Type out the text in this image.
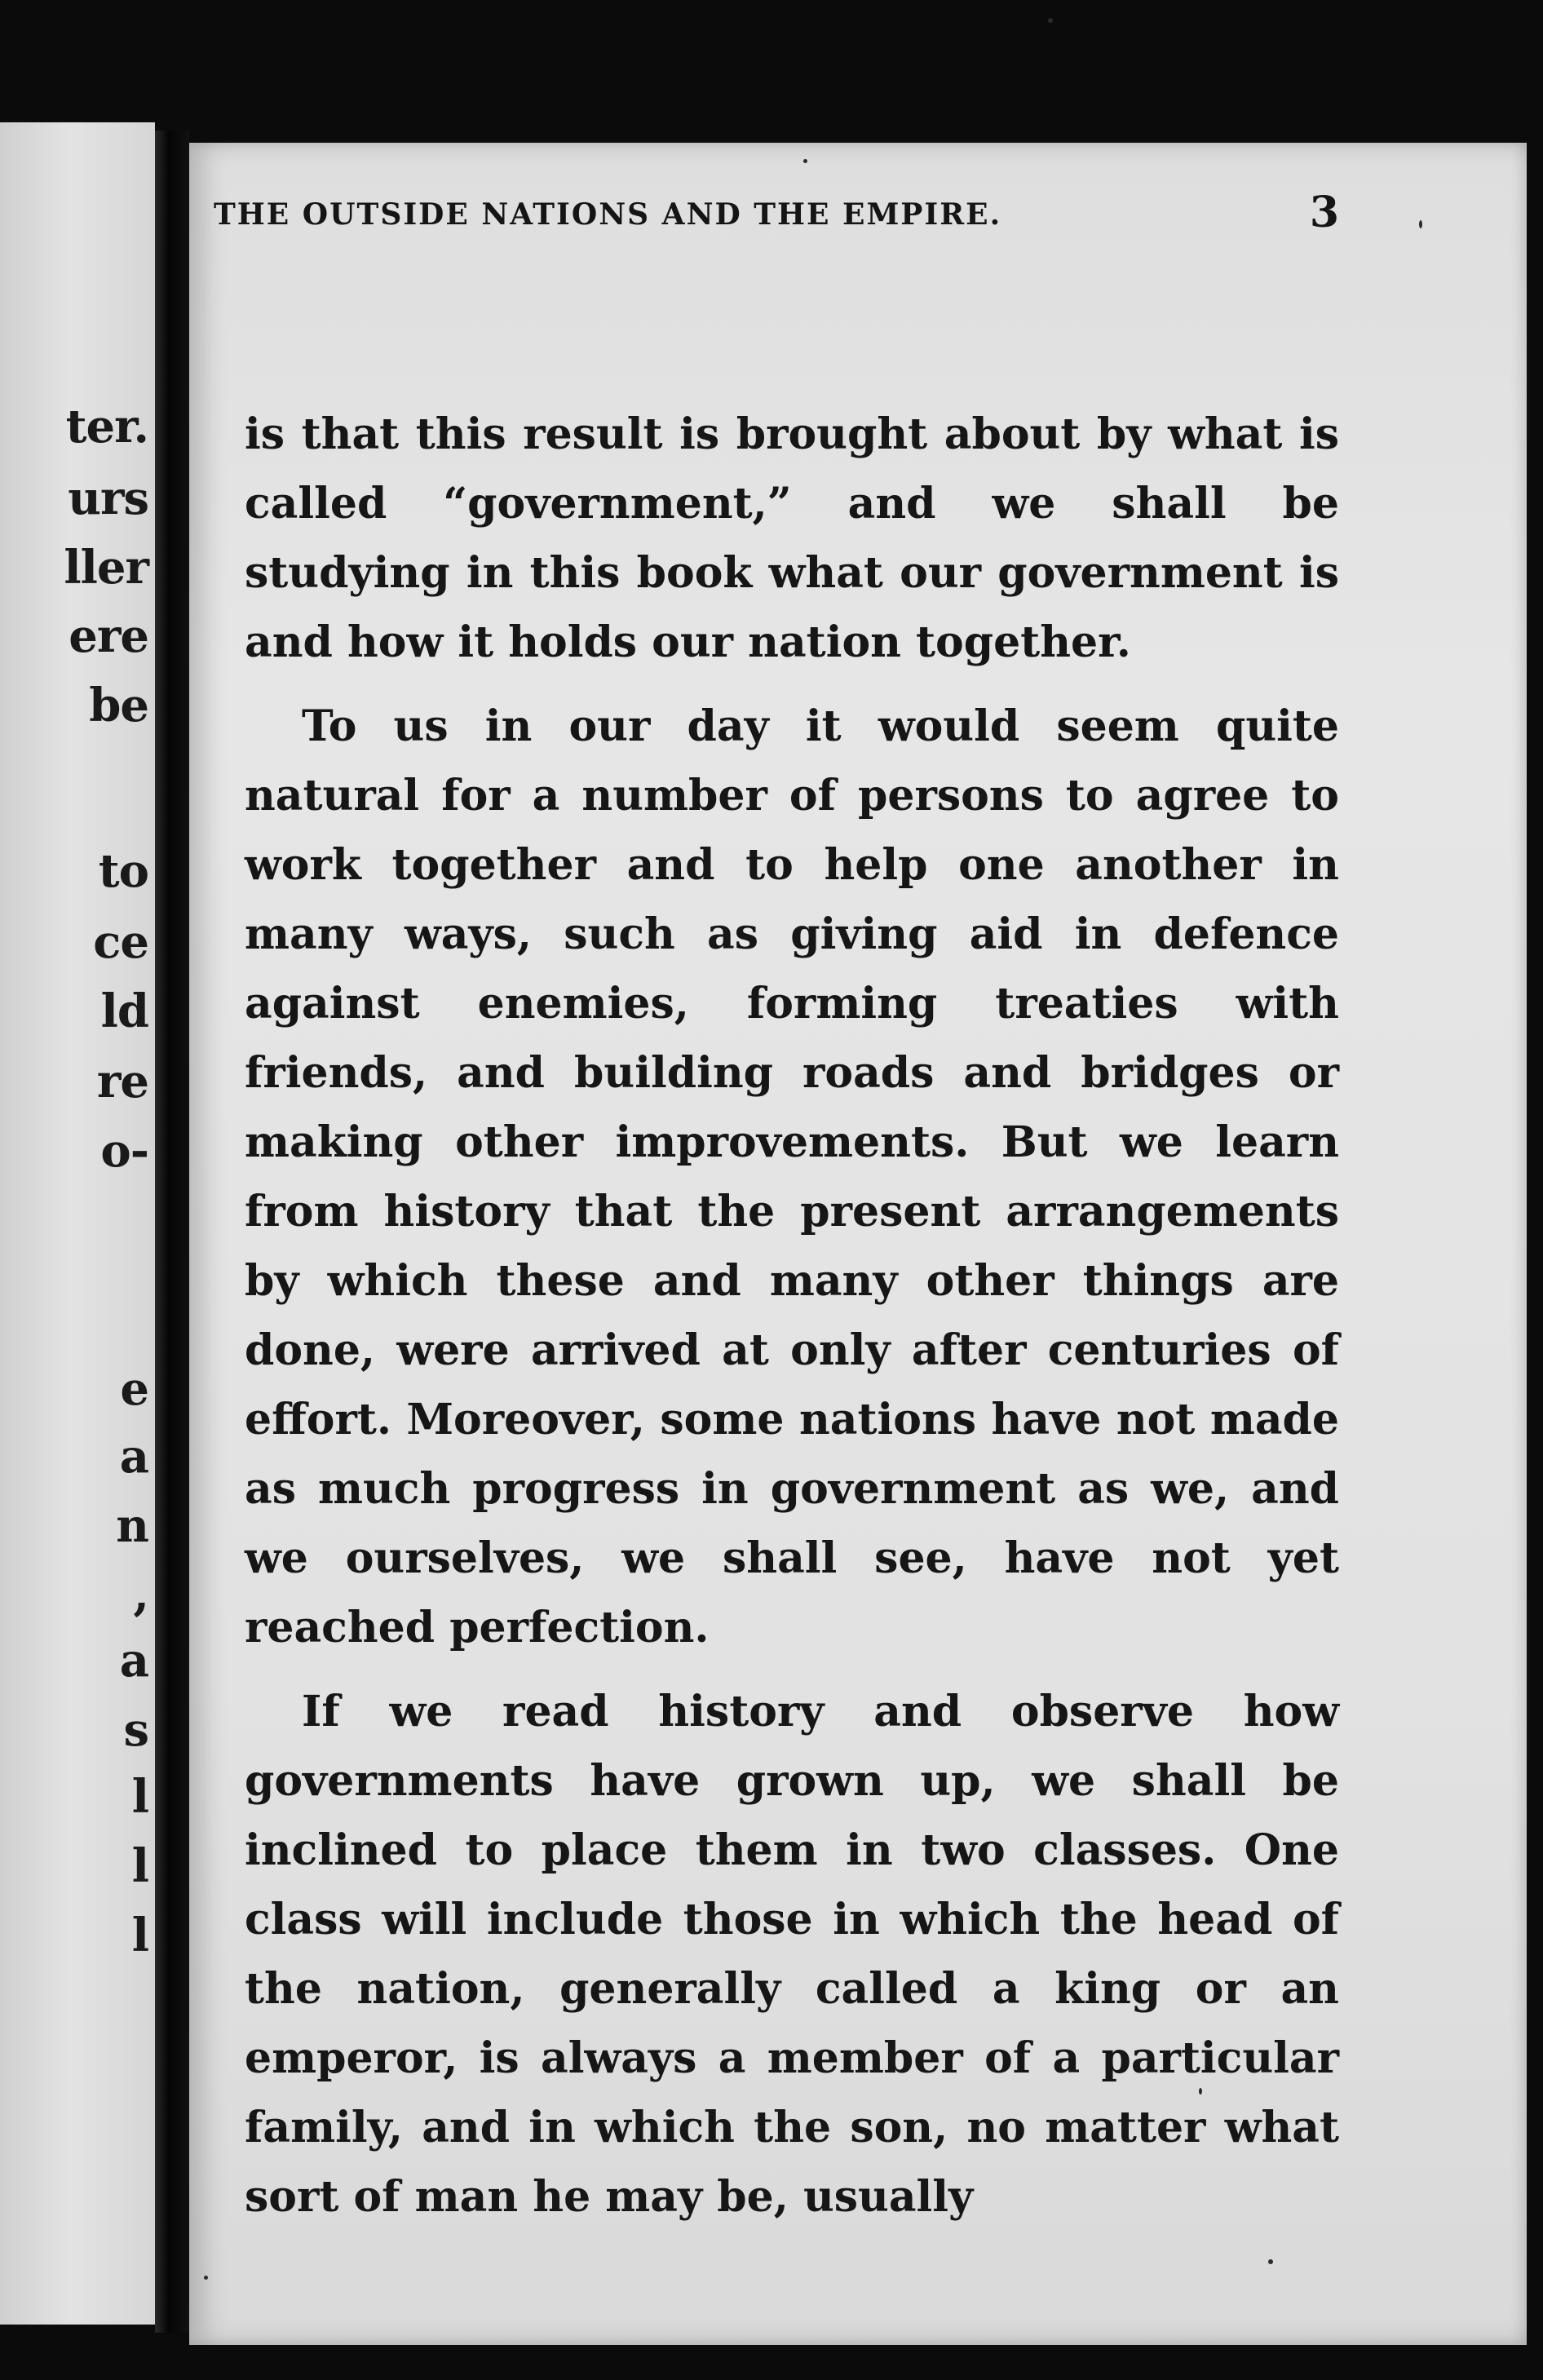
ter.
urs
ller
ere
be
to
ce
ld
re
o-
e
a
n
,
a
s
l
l
l
THE OUTSIDE NATIONS AND THE EMPIRE.	3

is that this result is brought about by what is called “government,” and we shall be studying in this book what our government is and how it holds our nation together.

To us in our day it would seem quite natural for a number of persons to agree to work together and to help one another in many ways, such as giving aid in defence against enemies, forming treaties with friends, and building roads and bridges or making other improvements. But we learn from history that the present arrangements by which these and many other things are done, were arrived at only after centuries of effort. Moreover, some nations have not made as much progress in government as we, and we ourselves, we shall see, have not yet reached perfection.

If we read history and observe how governments have grown up, we shall be inclined to place them in two classes. One class will include those in which the head of the nation, generally called a king or an emperor, is always a member of a particular family, and in which the son, no matter what sort of man he may be, usually
